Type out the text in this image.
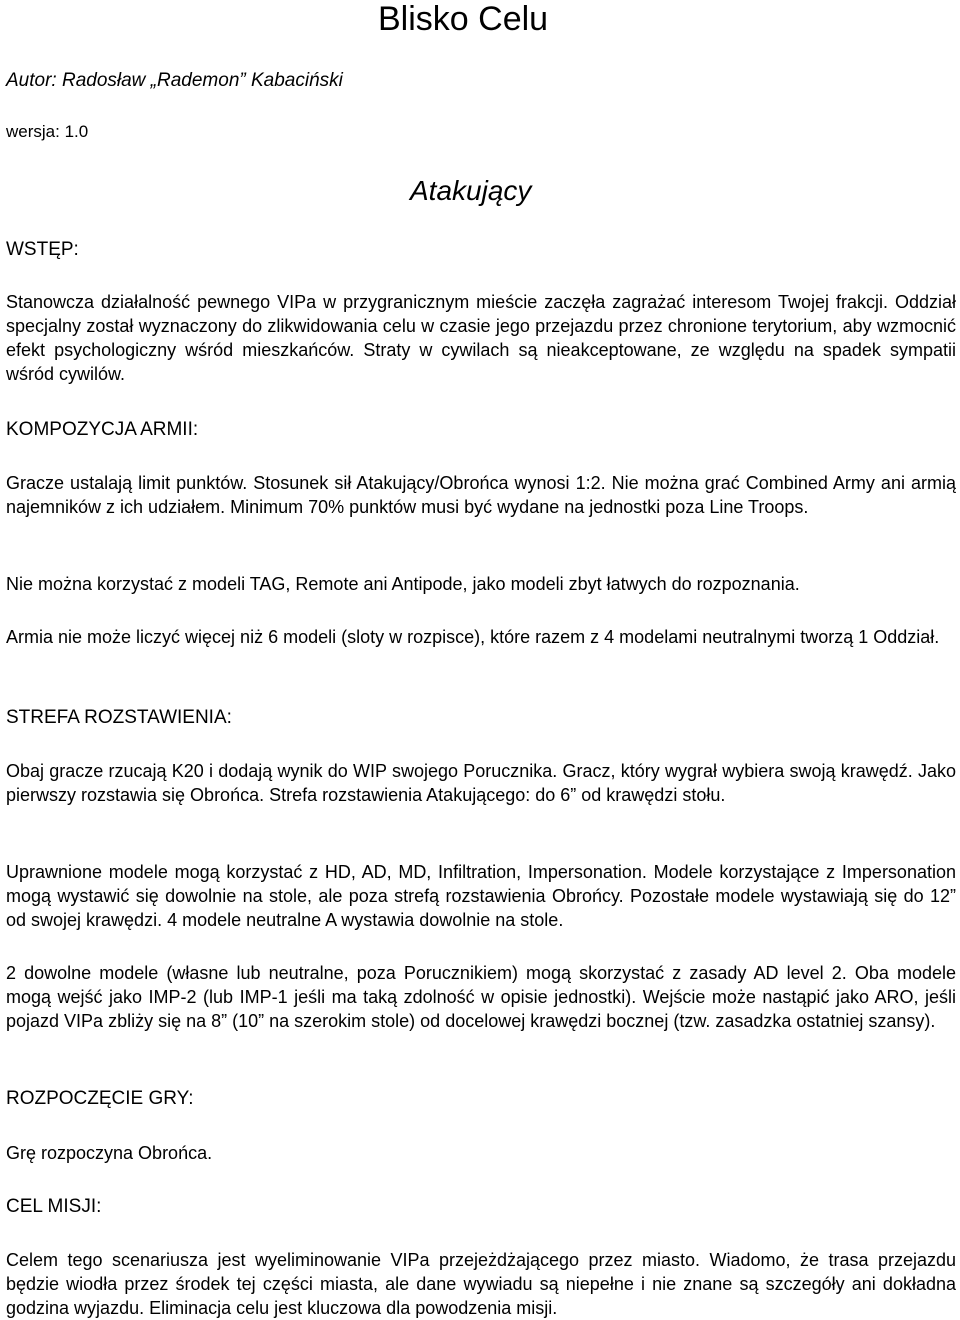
Blisko Celu
Autor: Radosław „Rademon” Kabaciński
wersja: 1.0
Atakujący
WSTĘP:

Stanowcza działalność pewnego VIPa w przygranicznym mieście zaczęła zagrażać interesom Twojej frakcji. Oddział specjalny został wyznaczony do zlikwidowania celu w czasie jego przejazdu przez chronione terytorium, aby wzmocnić efekt psychologiczny wśród mieszkańców. Straty w cywilach są nieakceptowane, ze względu na spadek sympatii wśród cywilów.

KOMPOZYCJA ARMII:

Gracze ustalają limit punktów. Stosunek sił Atakujący/Obrońca wynosi 1:2. Nie można grać Combined Army ani armią najemników z ich udziałem. Minimum 70% punktów musi być wydane na jednostki poza Line Troops.

Nie można korzystać z modeli TAG, Remote ani Antipode, jako modeli zbyt łatwych do rozpoznania.

Armia nie może liczyć więcej niż 6 modeli (sloty w rozpisce), które razem z 4 modelami neutralnymi tworzą 1 Oddział.

STREFA ROZSTAWIENIA:

Obaj gracze rzucają K20 i dodają wynik do WIP swojego Porucznika. Gracz, który wygrał wybiera swoją krawędź. Jako pierwszy rozstawia się Obrońca. Strefa rozstawienia Atakującego: do 6” od krawędzi stołu.

Uprawnione modele mogą korzystać z HD, AD, MD, Infiltration, Impersonation. Modele korzystające z Impersonation mogą wystawić się dowolnie na stole, ale poza strefą rozstawienia Obrońcy. Pozostałe modele wystawiają się do 12” od swojej krawędzi. 4 modele neutralne A wystawia dowolnie na stole.

2 dowolne modele (własne lub neutralne, poza Porucznikiem) mogą skorzystać z zasady AD level 2. Oba modele mogą wejść jako IMP-2 (lub IMP-1 jeśli ma taką zdolność w opisie jednostki). Wejście może nastąpić jako ARO, jeśli pojazd VIPa zbliży się na 8” (10” na szerokim stole) od docelowej krawędzi bocznej (tzw. zasadzka ostatniej szansy).

ROZPOCZĘCIE GRY:

Grę rozpoczyna Obrońca.

CEL MISJI:

Celem tego scenariusza jest wyeliminowanie VIPa przejeżdżającego przez miasto. Wiadomo, że trasa przejazdu będzie wiodła przez środek tej części miasta, ale dane wywiadu są niepełne i nie znane są szczegóły ani dokładna godzina wyjazdu. Eliminacja celu jest kluczowa dla powodzenia misji.
